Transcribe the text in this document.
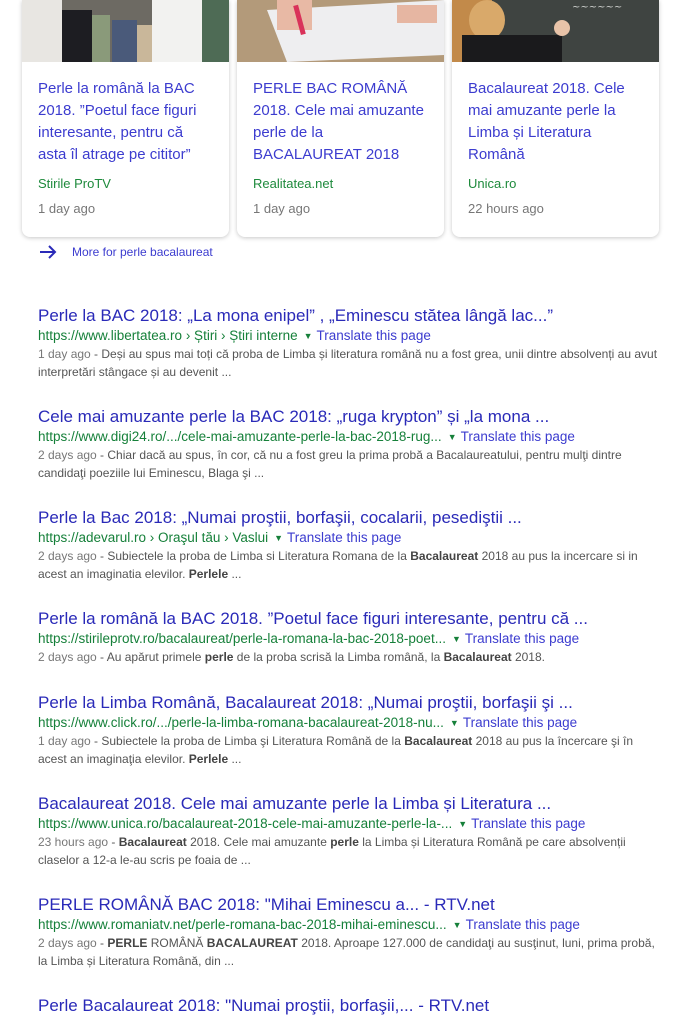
Perle la română la BAC 2018. ”Poetul face figuri interesante, pentru că asta îl atrage pe cititor”
Stirile ProTV
1 day ago
PERLE BAC ROMÂNĂ 2018. Cele mai amuzante perle de la BACALAUREAT 2018
Realitatea.net
1 day ago
~~~~~~
Bacalaureat 2018. Cele mai amuzante perle la Limba și Literatura Română
Unica.ro
22 hours ago
More for perle bacalaureat
Perle la BAC 2018: „La mona enipel” , „Eminescu stătea lângă lac...”
https://www.libertatea.ro › Știri › Știri interne ▼ Translate this page
1 day ago - Deși au spus mai toți că proba de Limba și literatura română nu a fost grea, unii dintre absolvenți au avut interpretări stângace și au devenit ...
Cele mai amuzante perle la BAC 2018: „ruga krypton” și „la mona ...
https://www.digi24.ro/.../cele-mai-amuzante-perle-la-bac-2018-rug... ▼ Translate this page
2 days ago - Chiar dacă au spus, în cor, că nu a fost greu la prima probă a Bacalaureatului, pentru mulţi dintre candidaţi poeziile lui Eminescu, Blaga şi ...
Perle la Bac 2018: „Numai proştii, borfaşii, cocalarii, pesediştii ...
https://adevarul.ro › Oraşul tău › Vaslui ▼ Translate this page
2 days ago - Subiectele la proba de Limba si Literatura Romana de la Bacalaureat 2018 au pus la incercare si in acest an imaginatia elevilor. Perlele ...
Perle la română la BAC 2018. ”Poetul face figuri interesante, pentru că ...
https://stirileprotv.ro/bacalaureat/perle-la-romana-la-bac-2018-poet... ▼ Translate this page
2 days ago - Au apărut primele perle de la proba scrisă la Limba română, la Bacalaureat 2018.
Perle la Limba Română, Bacalaureat 2018: „Numai proştii, borfaşii şi ...
https://www.click.ro/.../perle-la-limba-romana-bacalaureat-2018-nu... ▼ Translate this page
1 day ago - Subiectele la proba de Limba şi Literatura Română de la Bacalaureat 2018 au pus la încercare şi în acest an imaginaţia elevilor. Perlele ...
Bacalaureat 2018. Cele mai amuzante perle la Limba și Literatura ...
https://www.unica.ro/bacalaureat-2018-cele-mai-amuzante-perle-la-... ▼ Translate this page
23 hours ago - Bacalaureat 2018. Cele mai amuzante perle la Limba și Literatura Română pe care absolvenții claselor a 12-a le-au scris pe foaia de ...
PERLE ROMÂNĂ BAC 2018: "Mihai Eminescu a... - RTV.net
https://www.romaniatv.net/perle-romana-bac-2018-mihai-eminescu... ▼ Translate this page
2 days ago - PERLE ROMÂNĂ BACALAUREAT 2018. Aproape 127.000 de candidaţi au susţinut, luni, prima probă, la Limba și Literatura Română, din ...
Perle Bacalaureat 2018: "Numai proştii, borfaşii,... - RTV.net
